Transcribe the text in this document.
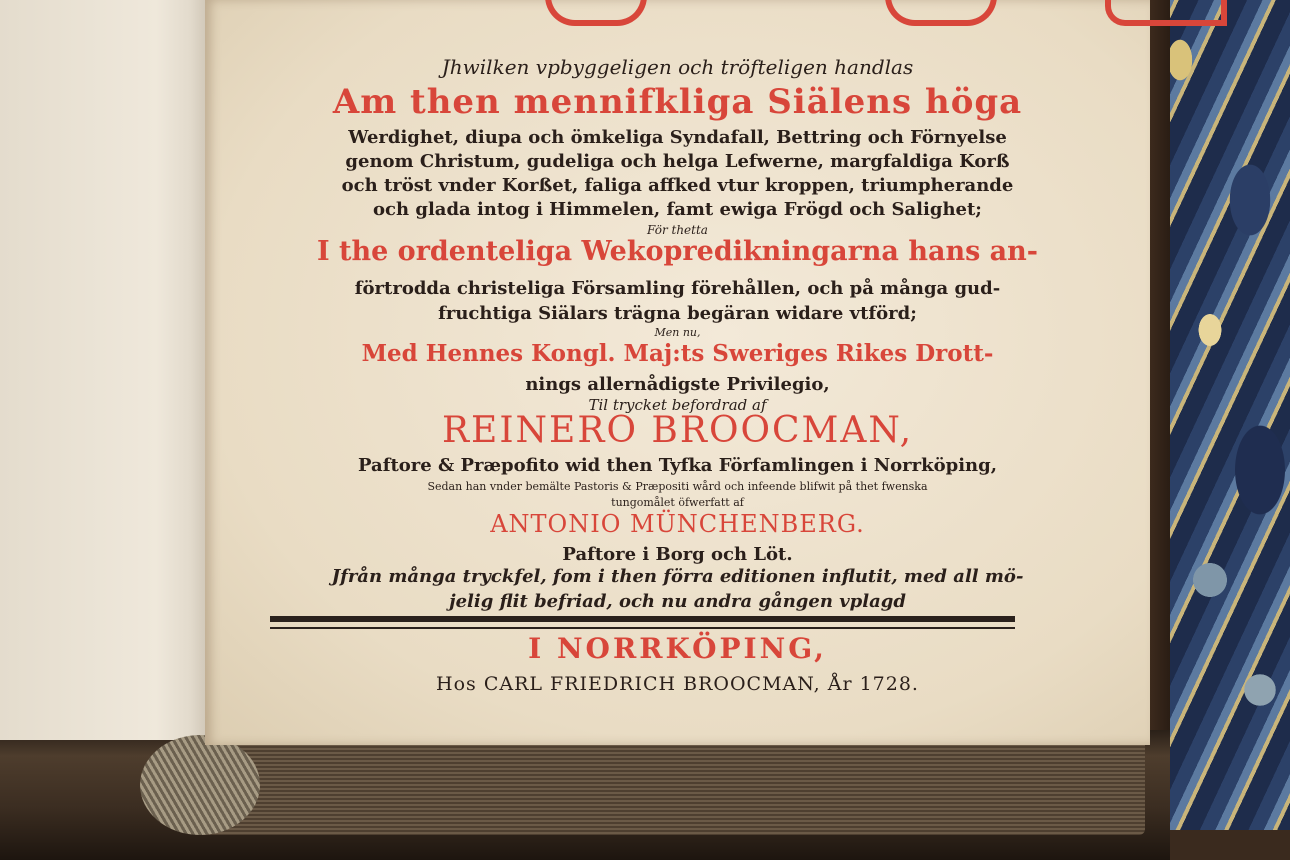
Jhwilken vpbyggeligen och tröfteligen handlas
Am then mennifkliga Siälens höga
Werdighet, diupa och ömkeliga Syndafall, Bettring och Förnyelse
genom Christum, gudeliga och helga Lefwerne, margfaldiga Korß
och tröst vnder Korßet, faliga affked vtur kroppen, triumpherande
och glada intog i Himmelen, famt ewiga Frögd och Salighet;
För thetta
I the ordenteliga Wekopredikningarna hans an-
förtrodda christeliga Församling förehållen, och på många gud-
fruchtiga Siälars trägna begäran widare vtförd;
Men nu,
Med Hennes Kongl. Maj:ts Sweriges Rikes Drott-
nings allernådigste Privilegio,
Til trycket befordrad af
REINERO BROOCMAN,
Paftore & Præpofito wid then Tyfka Förfamlingen i Norrköping,
Sedan han vnder bemälte Pastoris & Præpositi wård och infeende blifwit på thet fwenska
tungomålet öfwerfatt af
ANTONIO MÜNCHENBERG.
Paftore i Borg och Löt.
Jfrån många tryckfel, fom i then förra editionen influtit, med all mö-
jelig flit befriad, och nu andra gången vplagd
I NORRKÖPING,
Hos CARL FRIEDRICH BROOCMAN, År 1728.
